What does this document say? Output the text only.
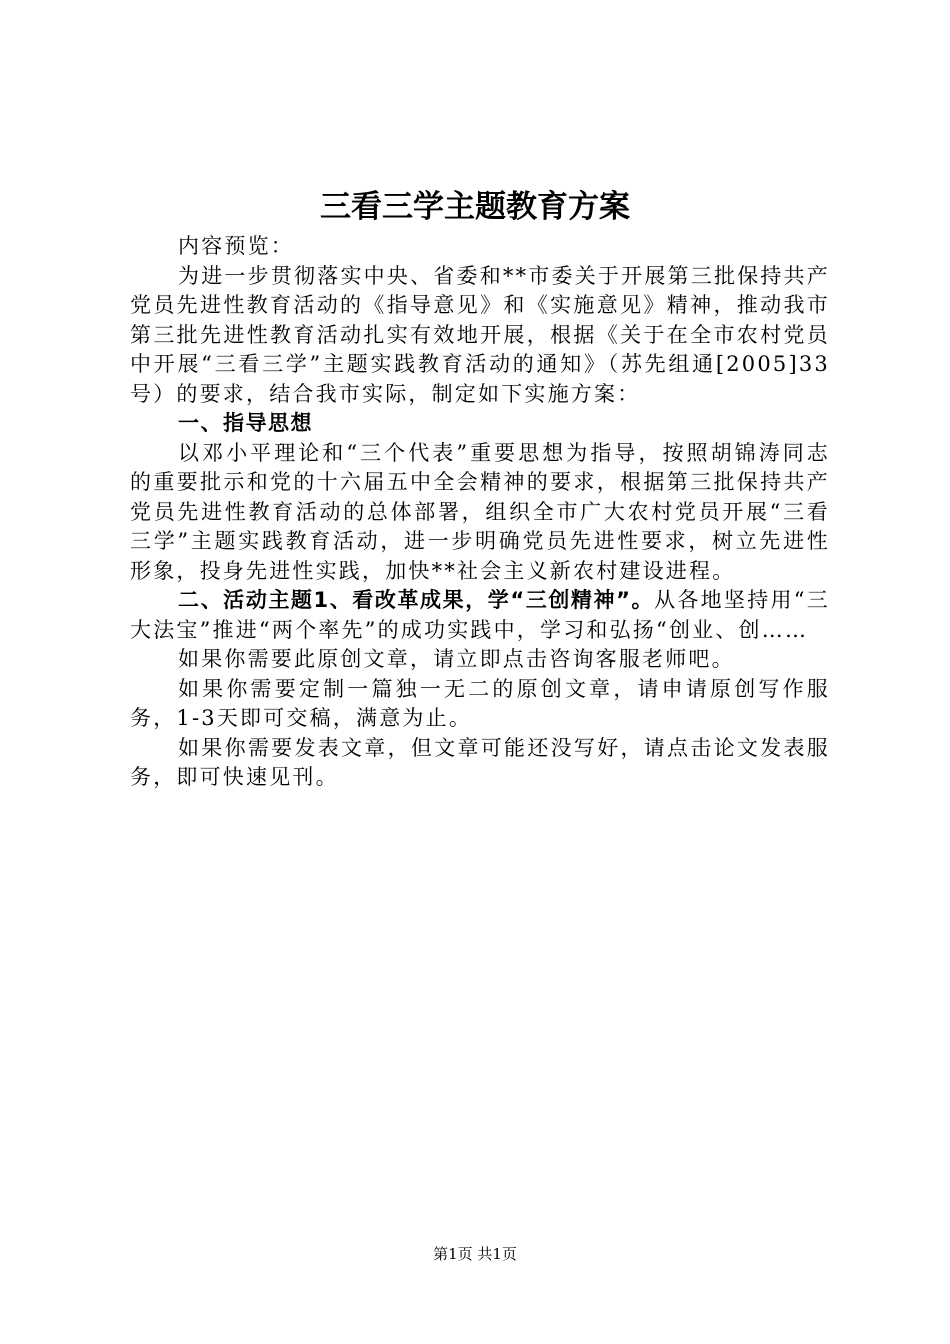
三看三学主题教育方案

内容预览：

为进一步贯彻落实中央、省委和**市委关于开展第三批保持共产党员先进性教育活动的《指导意见》和《实施意见》精神，推动我市第三批先进性教育活动扎实有效地开展，根据《关于在全市农村党员中开展“三看三学”主题实践教育活动的通知》（苏先组通[2005]33号）的要求，结合我市实际，制定如下实施方案：

一、指导思想

以邓小平理论和“三个代表”重要思想为指导，按照胡锦涛同志的重要批示和党的十六届五中全会精神的要求，根据第三批保持共产党员先进性教育活动的总体部署，组织全市广大农村党员开展“三看三学”主题实践教育活动，进一步明确党员先进性要求，树立先进性形象，投身先进性实践，加快**社会主义新农村建设进程。

二、活动主题1、看改革成果，学“三创精神”。从各地坚持用“三大法宝”推进“两个率先”的成功实践中，学习和弘扬“创业、创……

如果你需要此原创文章，请立即点击咨询客服老师吧。

如果你需要定制一篇独一无二的原创文章，请申请原创写作服务，1-3天即可交稿，满意为止。

如果你需要发表文章，但文章可能还没写好，请点击论文发表服务，即可快速见刊。

第1页 共1页
